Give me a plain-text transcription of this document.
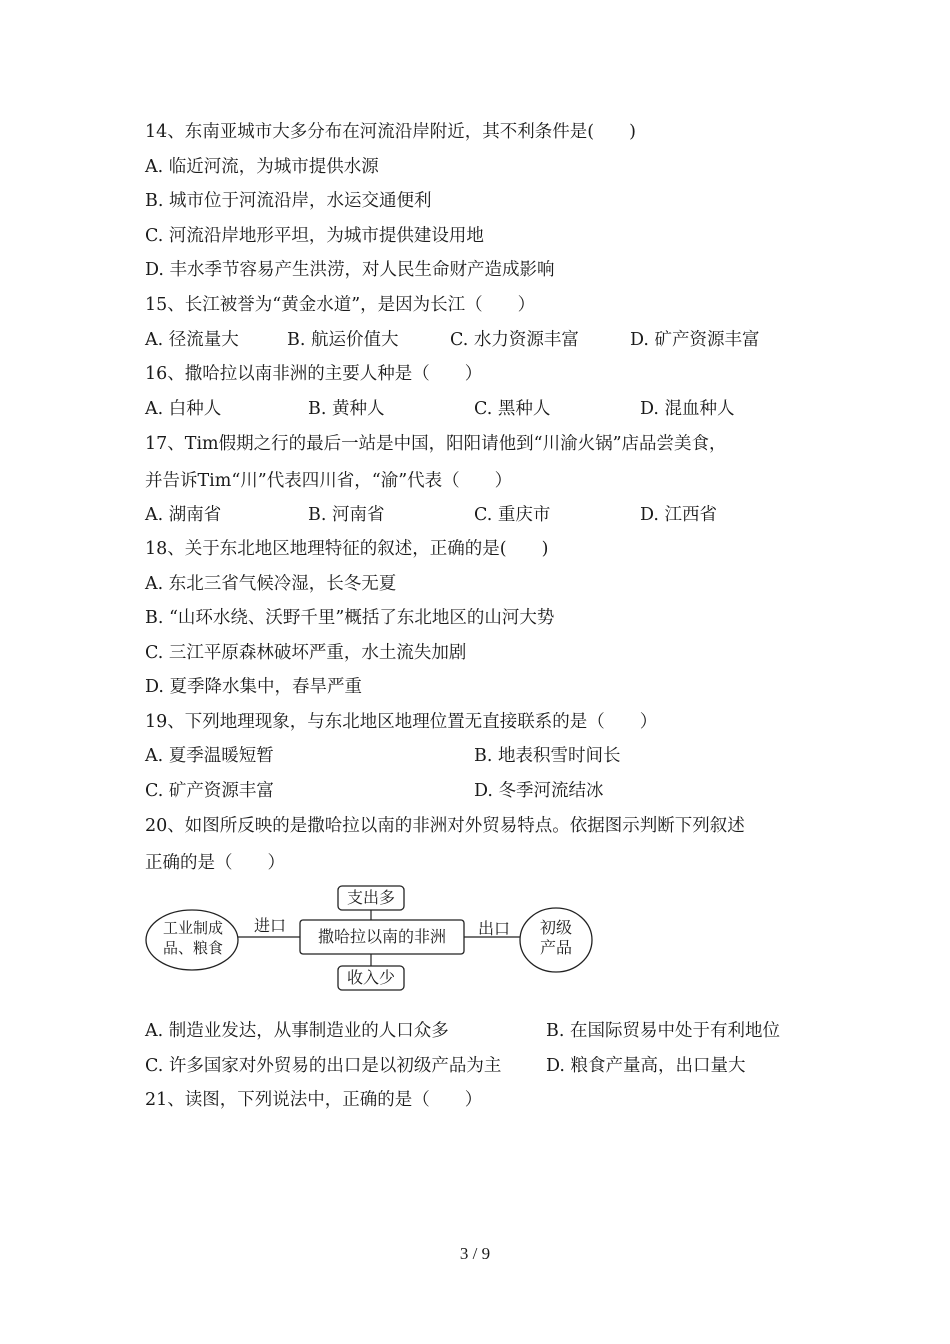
14、东南亚城市大多分布在河流沿岸附近，其不利条件是(　　)
A. 临近河流，为城市提供水源
B. 城市位于河流沿岸，水运交通便利
C. 河流沿岸地形平坦，为城市提供建设用地
D. 丰水季节容易产生洪涝，对人民生命财产造成影响
15、长江被誉为“黄金水道”，是因为长江（　　）
A. 径流量大	B. 航运价值大	C. 水力资源丰富	D. 矿产资源丰富
16、撒哈拉以南非洲的主要人种是（　　）
A. 白种人	B. 黄种人	C. 黑种人	D. 混血种人
17、Tim假期之行的最后一站是中国，阳阳请他到“川渝火锅”店品尝美食，
并告诉Tim“川”代表四川省，“渝”代表（　　）
A. 湖南省	B. 河南省	C. 重庆市	D. 江西省
18、关于东北地区地理特征的叙述，正确的是(　　)
A. 东北三省气候冷湿，长冬无夏
B. “山环水绕、沃野千里”概括了东北地区的山河大势
C. 三江平原森林破坏严重，水土流失加剧
D. 夏季降水集中，春旱严重
19、下列地理现象，与东北地区地理位置无直接联系的是（　　）
A. 夏季温暖短暂	B. 地表积雪时间长
C. 矿产资源丰富	D. 冬季河流结冰
20、如图所反映的是撒哈拉以南的非洲对外贸易特点。依据图示判断下列叙述
正确的是（　　）
工业制成
品、粮食
进口
撒哈拉以南的非洲	出口	初级
产品
支出多
收入少
A. 制造业发达，从事制造业的人口众多	B. 在国际贸易中处于有利地位
C. 许多国家对外贸易的出口是以初级产品为主	D. 粮食产量高，出口量大
21、读图，下列说法中，正确的是（　　）
3 / 9
